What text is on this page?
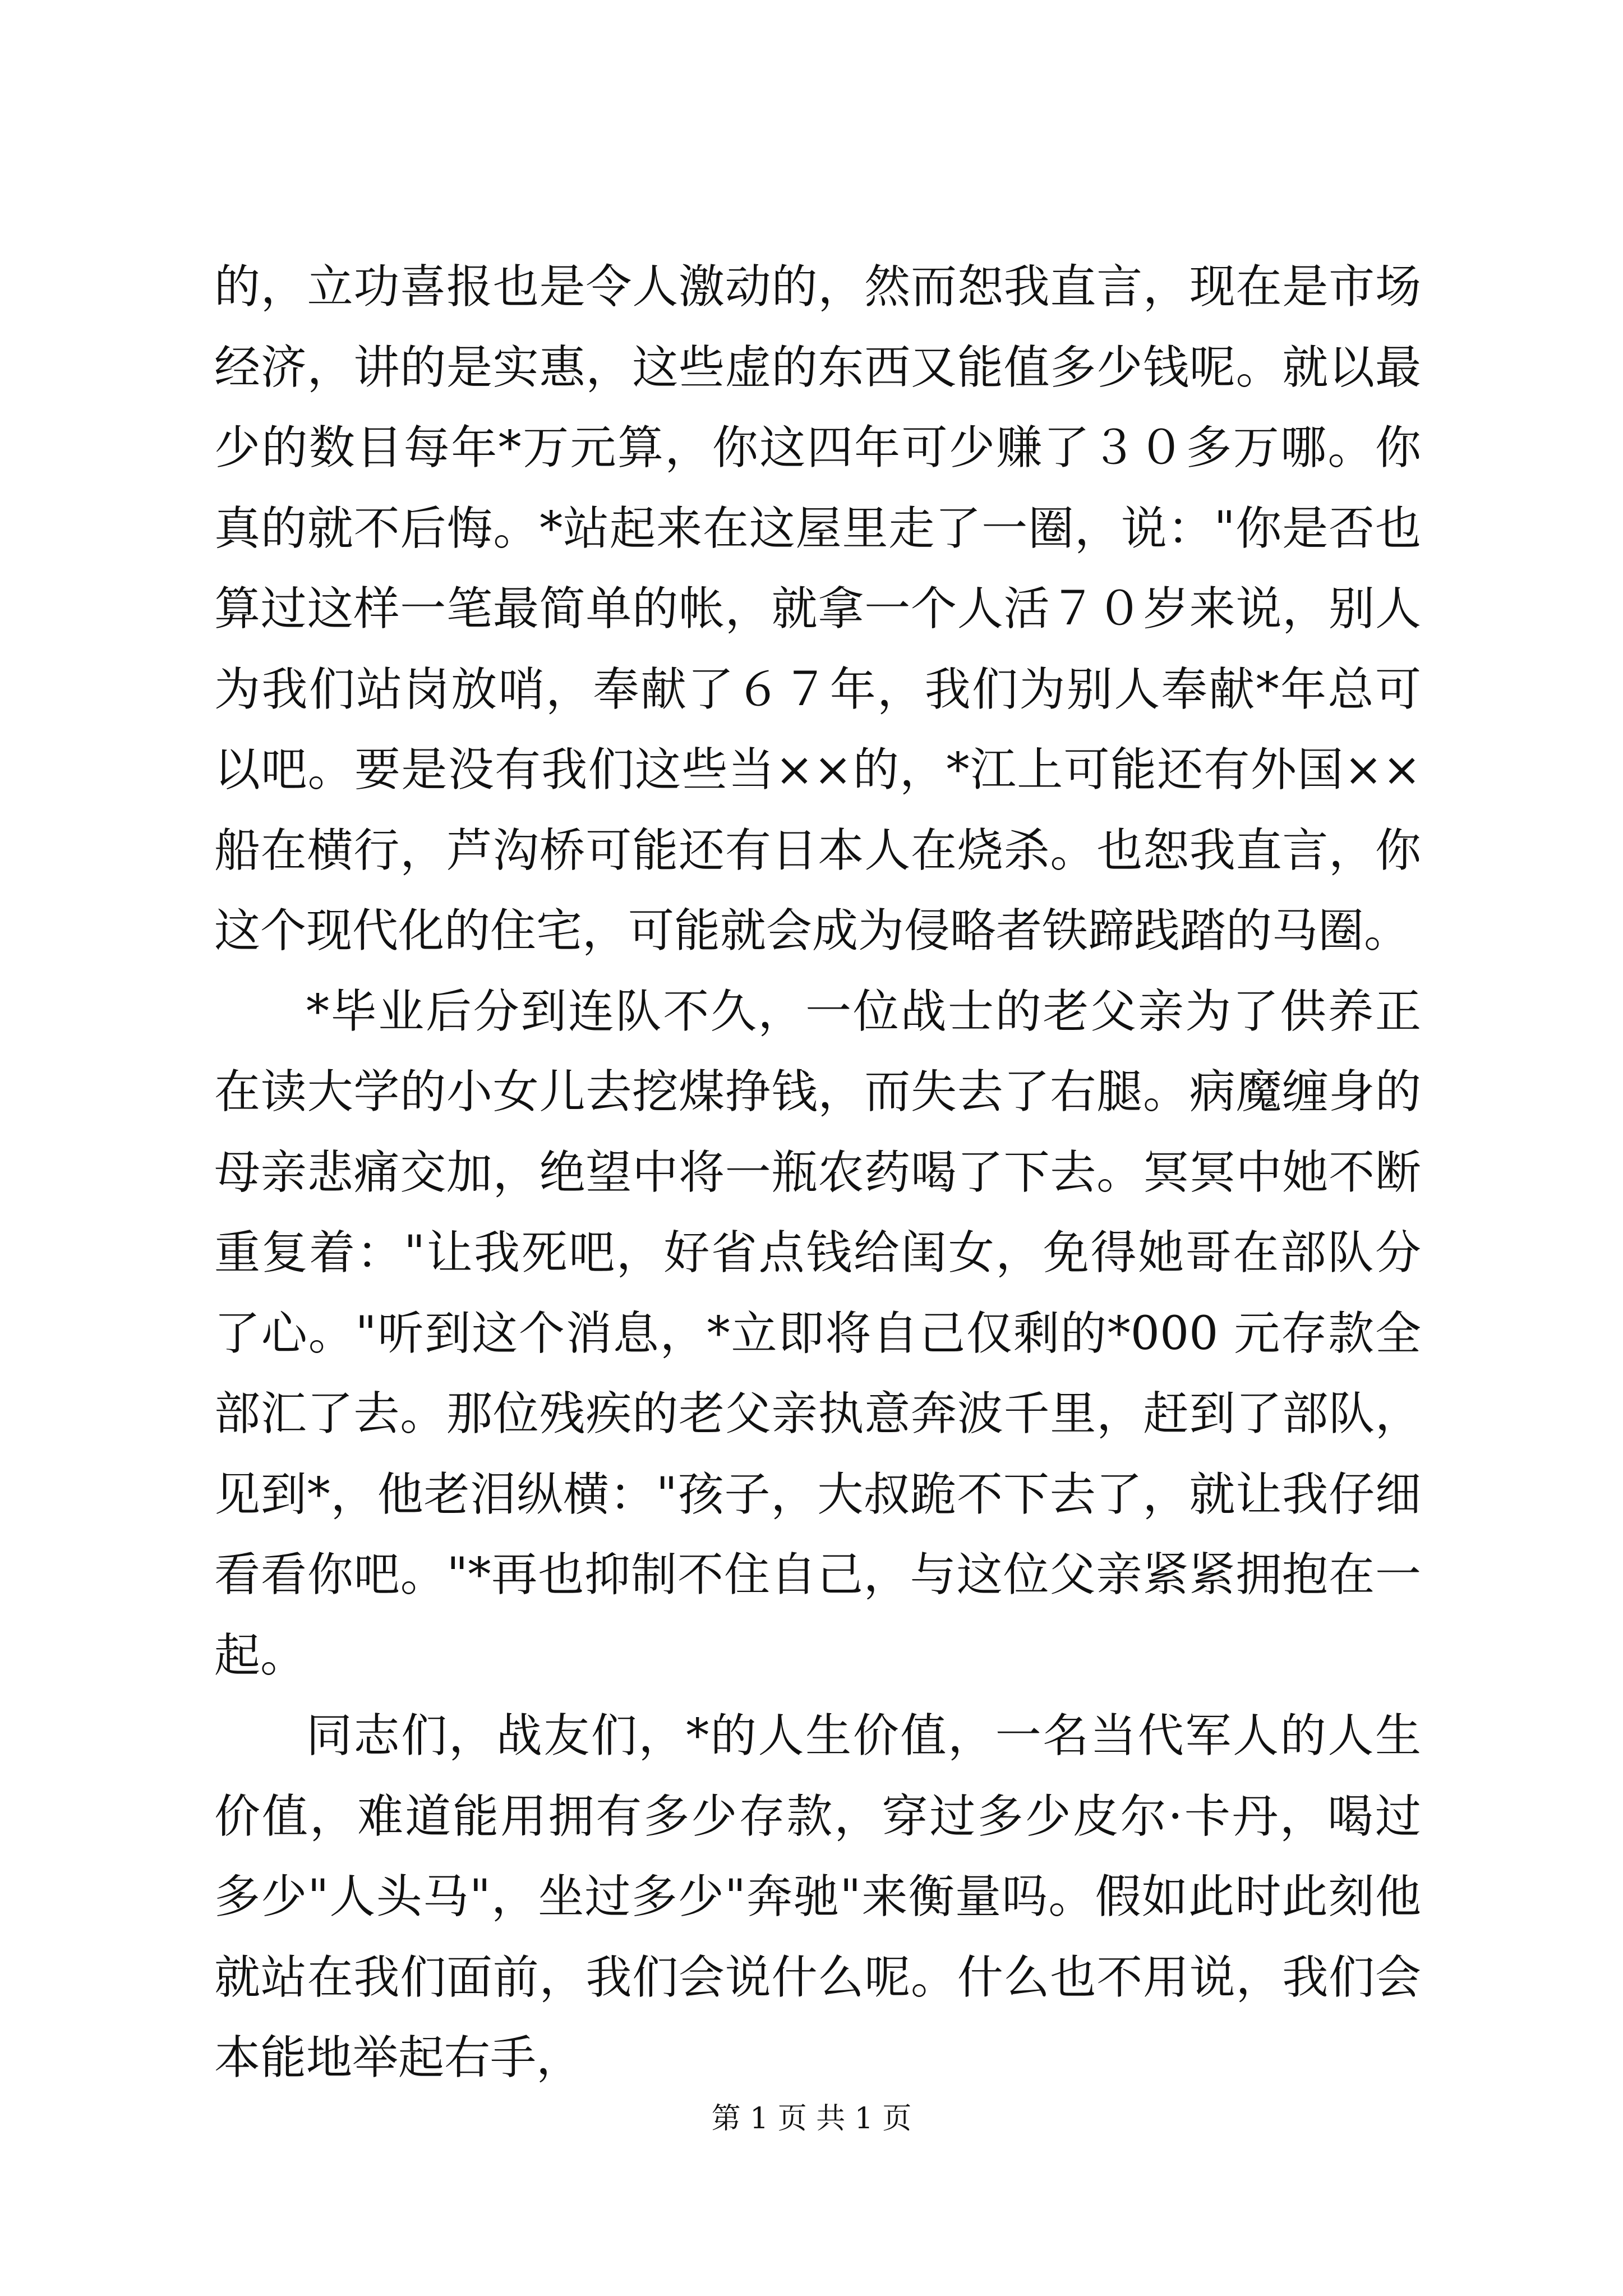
的，立功喜报也是令人激动的，然而恕我直言，现在是市场经济，讲的是实惠，这些虚的东西又能值多少钱呢。就以最少的数目每年*万元算，你这四年可少赚了３０多万哪。你真的就不后悔。*站起来在这屋里走了一圈，说："你是否也算过这样一笔最简单的帐，就拿一个人活７０岁来说，别人为我们站岗放哨，奉献了６７年，我们为别人奉献*年总可以吧。要是没有我们这些当××的，*江上可能还有外国××船在横行，芦沟桥可能还有日本人在烧杀。也恕我直言，你这个现代化的住宅，可能就会成为侵略者铁蹄践踏的马圈。

*毕业后分到连队不久，一位战士的老父亲为了供养正在读大学的小女儿去挖煤挣钱，而失去了右腿。病魔缠身的母亲悲痛交加，绝望中将一瓶农药喝了下去。冥冥中她不断重复着："让我死吧，好省点钱给闺女，免得她哥在部队分了心。"听到这个消息，*立即将自己仅剩的*000 元存款全部汇了去。那位残疾的老父亲执意奔波千里，赶到了部队，见到*，他老泪纵横："孩子，大叔跪不下去了，就让我仔细看看你吧。"*再也抑制不住自己，与这位父亲紧紧拥抱在一起。

同志们，战友们，*的人生价值，一名当代军人的人生价值，难道能用拥有多少存款，穿过多少皮尔·卡丹，喝过多少"人头马"，坐过多少"奔驰"来衡量吗。假如此时此刻他就站在我们面前，我们会说什么呢。什么也不用说，我们会本能地举起右手，

第 1 页 共 1 页
